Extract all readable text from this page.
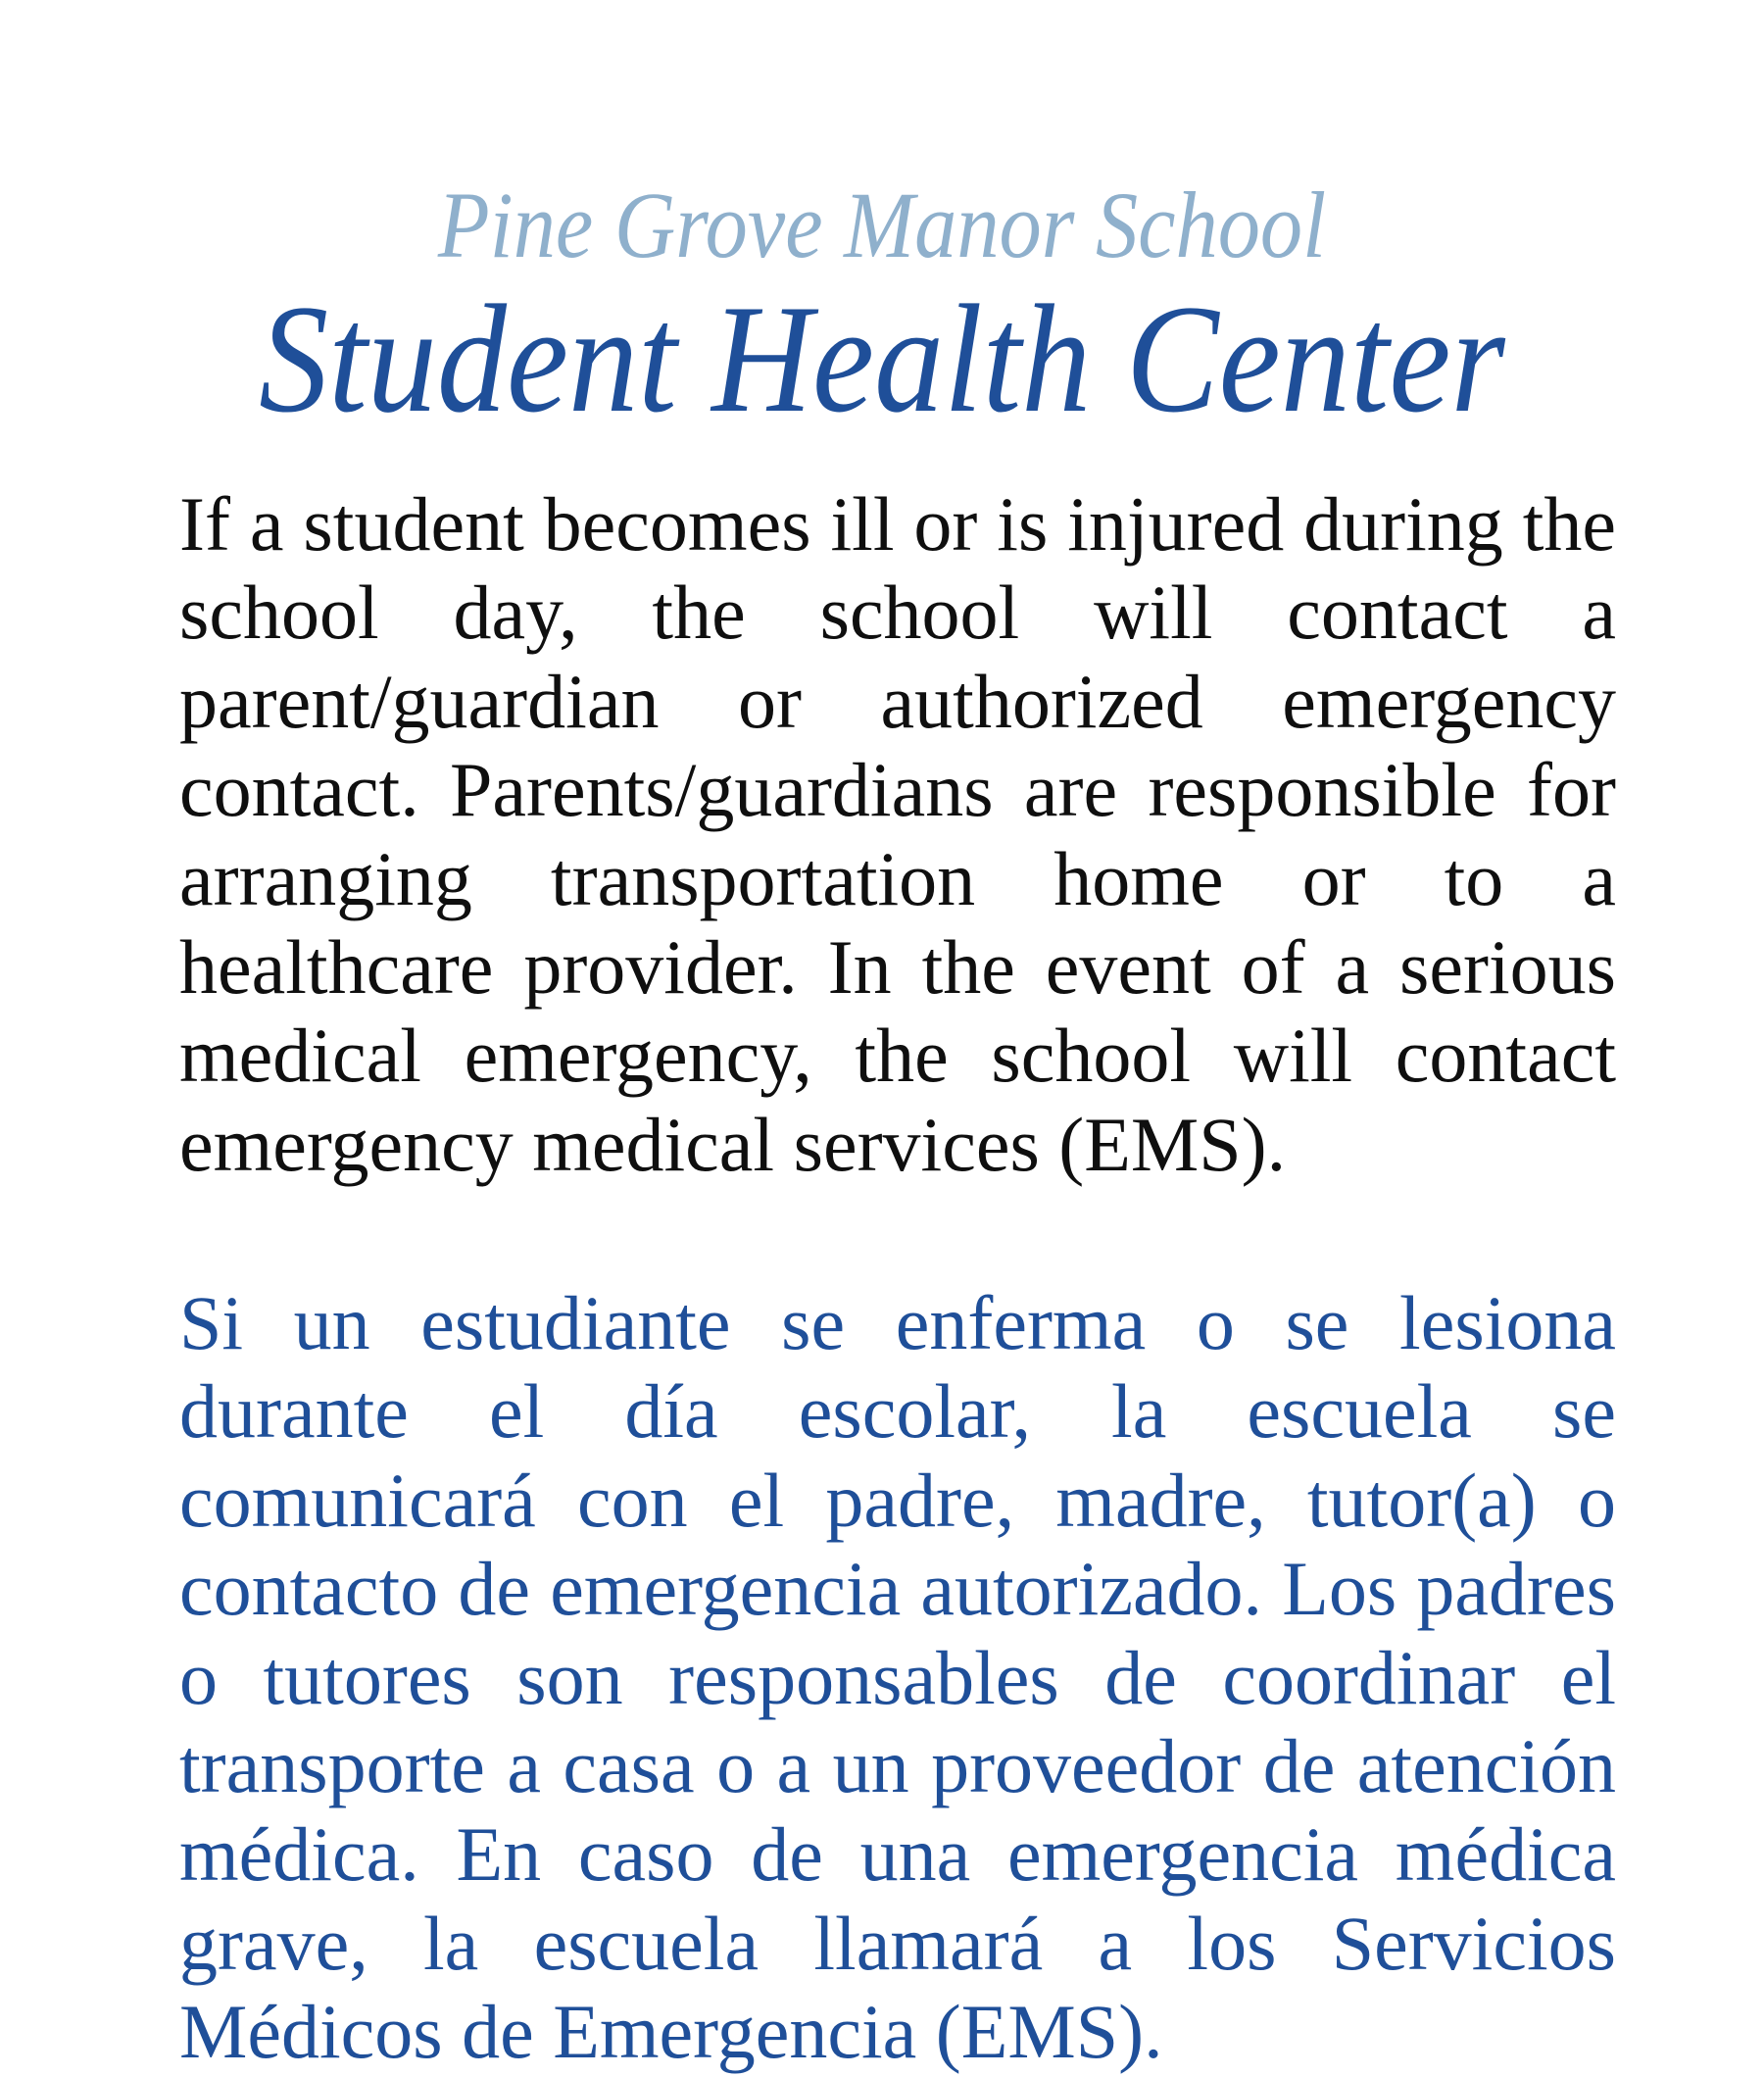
Pine Grove Manor School
Student Health Center

If a student becomes ill or is injured during the school day, the school will contact a parent/guardian or authorized emergency contact. Parents/guardians are responsible for arranging transportation home or to a healthcare provider. In the event of a serious medical emergency, the school will contact emergency medical services (EMS).

Si un estudiante se enferma o se lesiona durante el día escolar, la escuela se comunicará con el padre, madre, tutor(a) o contacto de emergencia autorizado. Los padres o tutores son responsables de coordinar el transporte a casa o a un proveedor de atención médica. En caso de una emergencia médica grave, la escuela llamará a los Servicios Médicos de Emergencia (EMS).
